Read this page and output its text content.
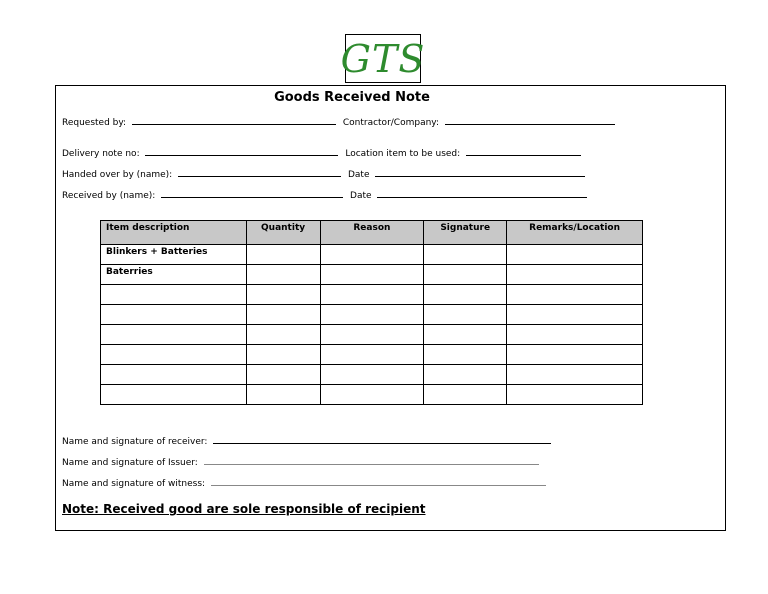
GTS
Goods Received Note
Requested by:	Contractor/Company:
Delivery note no:	Location item to be used:
Handed over by (name):	Date
Received by (name):	Date
Item description	Quantity	Reason	Signature	Remarks/Location
Blinkers + Batteries				
Baterries				

Name and signature of receiver:
Name and signature of Issuer:
Name and signature of witness:
Note: Received good are sole responsible of recipient
